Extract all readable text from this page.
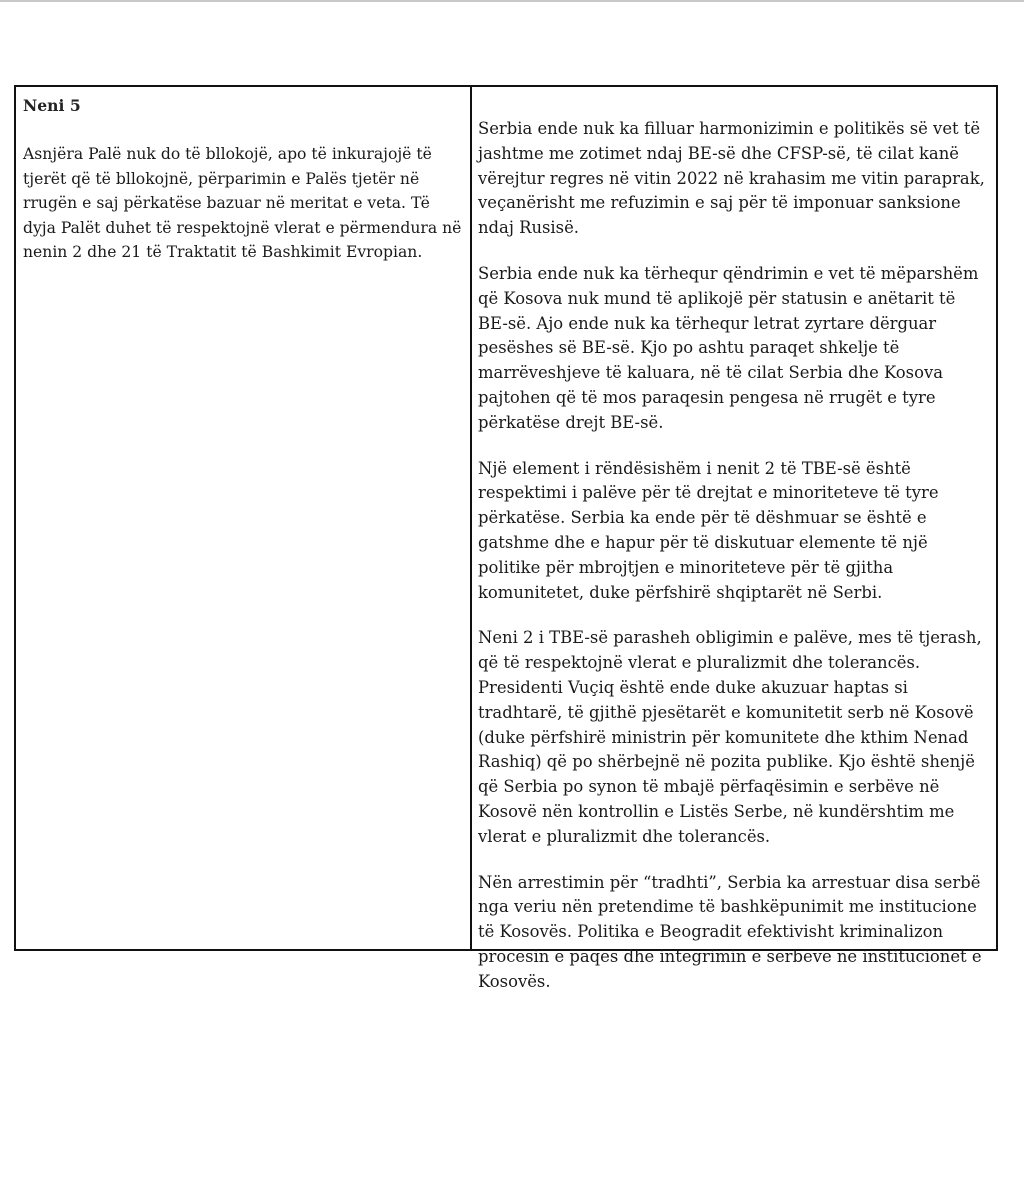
Neni 5

Asnjëra Palë nuk do të bllokojë, apo të inkurajojë të tjerët që të bllokojnë, përparimin e Palës tjetër në rrugën e saj përkatëse bazuar në meritat e veta. Të dyja Palët duhet të respektojnë vlerat e përmendura në nenin 2 dhe 21 të Traktatit të Bashkimit Evropian.

Serbia ende nuk ka filluar harmonizimin e politikës së vet të jashtme me zotimet ndaj BE-së dhe CFSP-së, të cilat kanë vërejtur regres në vitin 2022 në krahasim me vitin paraprak, veçanërisht me refuzimin e saj për të imponuar sanksione ndaj Rusisë.

Serbia ende nuk ka tërhequr qëndrimin e vet të mëparshëm që Kosova nuk mund të aplikojë për statusin e anëtarit të BE-së. Ajo ende nuk ka tërhequr letrat zyrtare dërguar pesëshes së BE-së. Kjo po ashtu paraqet shkelje të marrëveshjeve të kaluara, në të cilat Serbia dhe Kosova pajtohen që të mos paraqesin pengesa në rrugët e tyre përkatëse drejt BE-së.

Një element i rëndësishëm i nenit 2 të TBE-së është respektimi i palëve për të drejtat e minoriteteve të tyre përkatëse. Serbia ka ende për të dëshmuar se është e gatshme dhe e hapur për të diskutuar elemente të një politike për mbrojtjen e minoriteteve për të gjitha komunitetet, duke përfshirë shqiptarët në Serbi.

Neni 2 i TBE-së parasheh obligimin e palëve, mes të tjerash, që të respektojnë vlerat e pluralizmit dhe tolerancës. Presidenti Vuçiq është ende duke akuzuar haptas si tradhtarë, të gjithë pjesëtarët e komunitetit serb në Kosovë (duke përfshirë ministrin për komunitete dhe kthim Nenad Rashiq) që po shërbejnë në pozita publike. Kjo është shenjë që Serbia po synon të mbajë përfaqësimin e serbëve në Kosovë nën kontrollin e Listës Serbe, në kundërshtim me vlerat e pluralizmit dhe tolerancës.

Nën arrestimin për “tradhti”, Serbia ka arrestuar disa serbë nga veriu nën pretendime të bashkëpunimit me institucione të Kosovës. Politika e Beogradit efektivisht kriminalizon procesin e paqes dhe integrimin e serbëve në institucionet e Kosovës.
